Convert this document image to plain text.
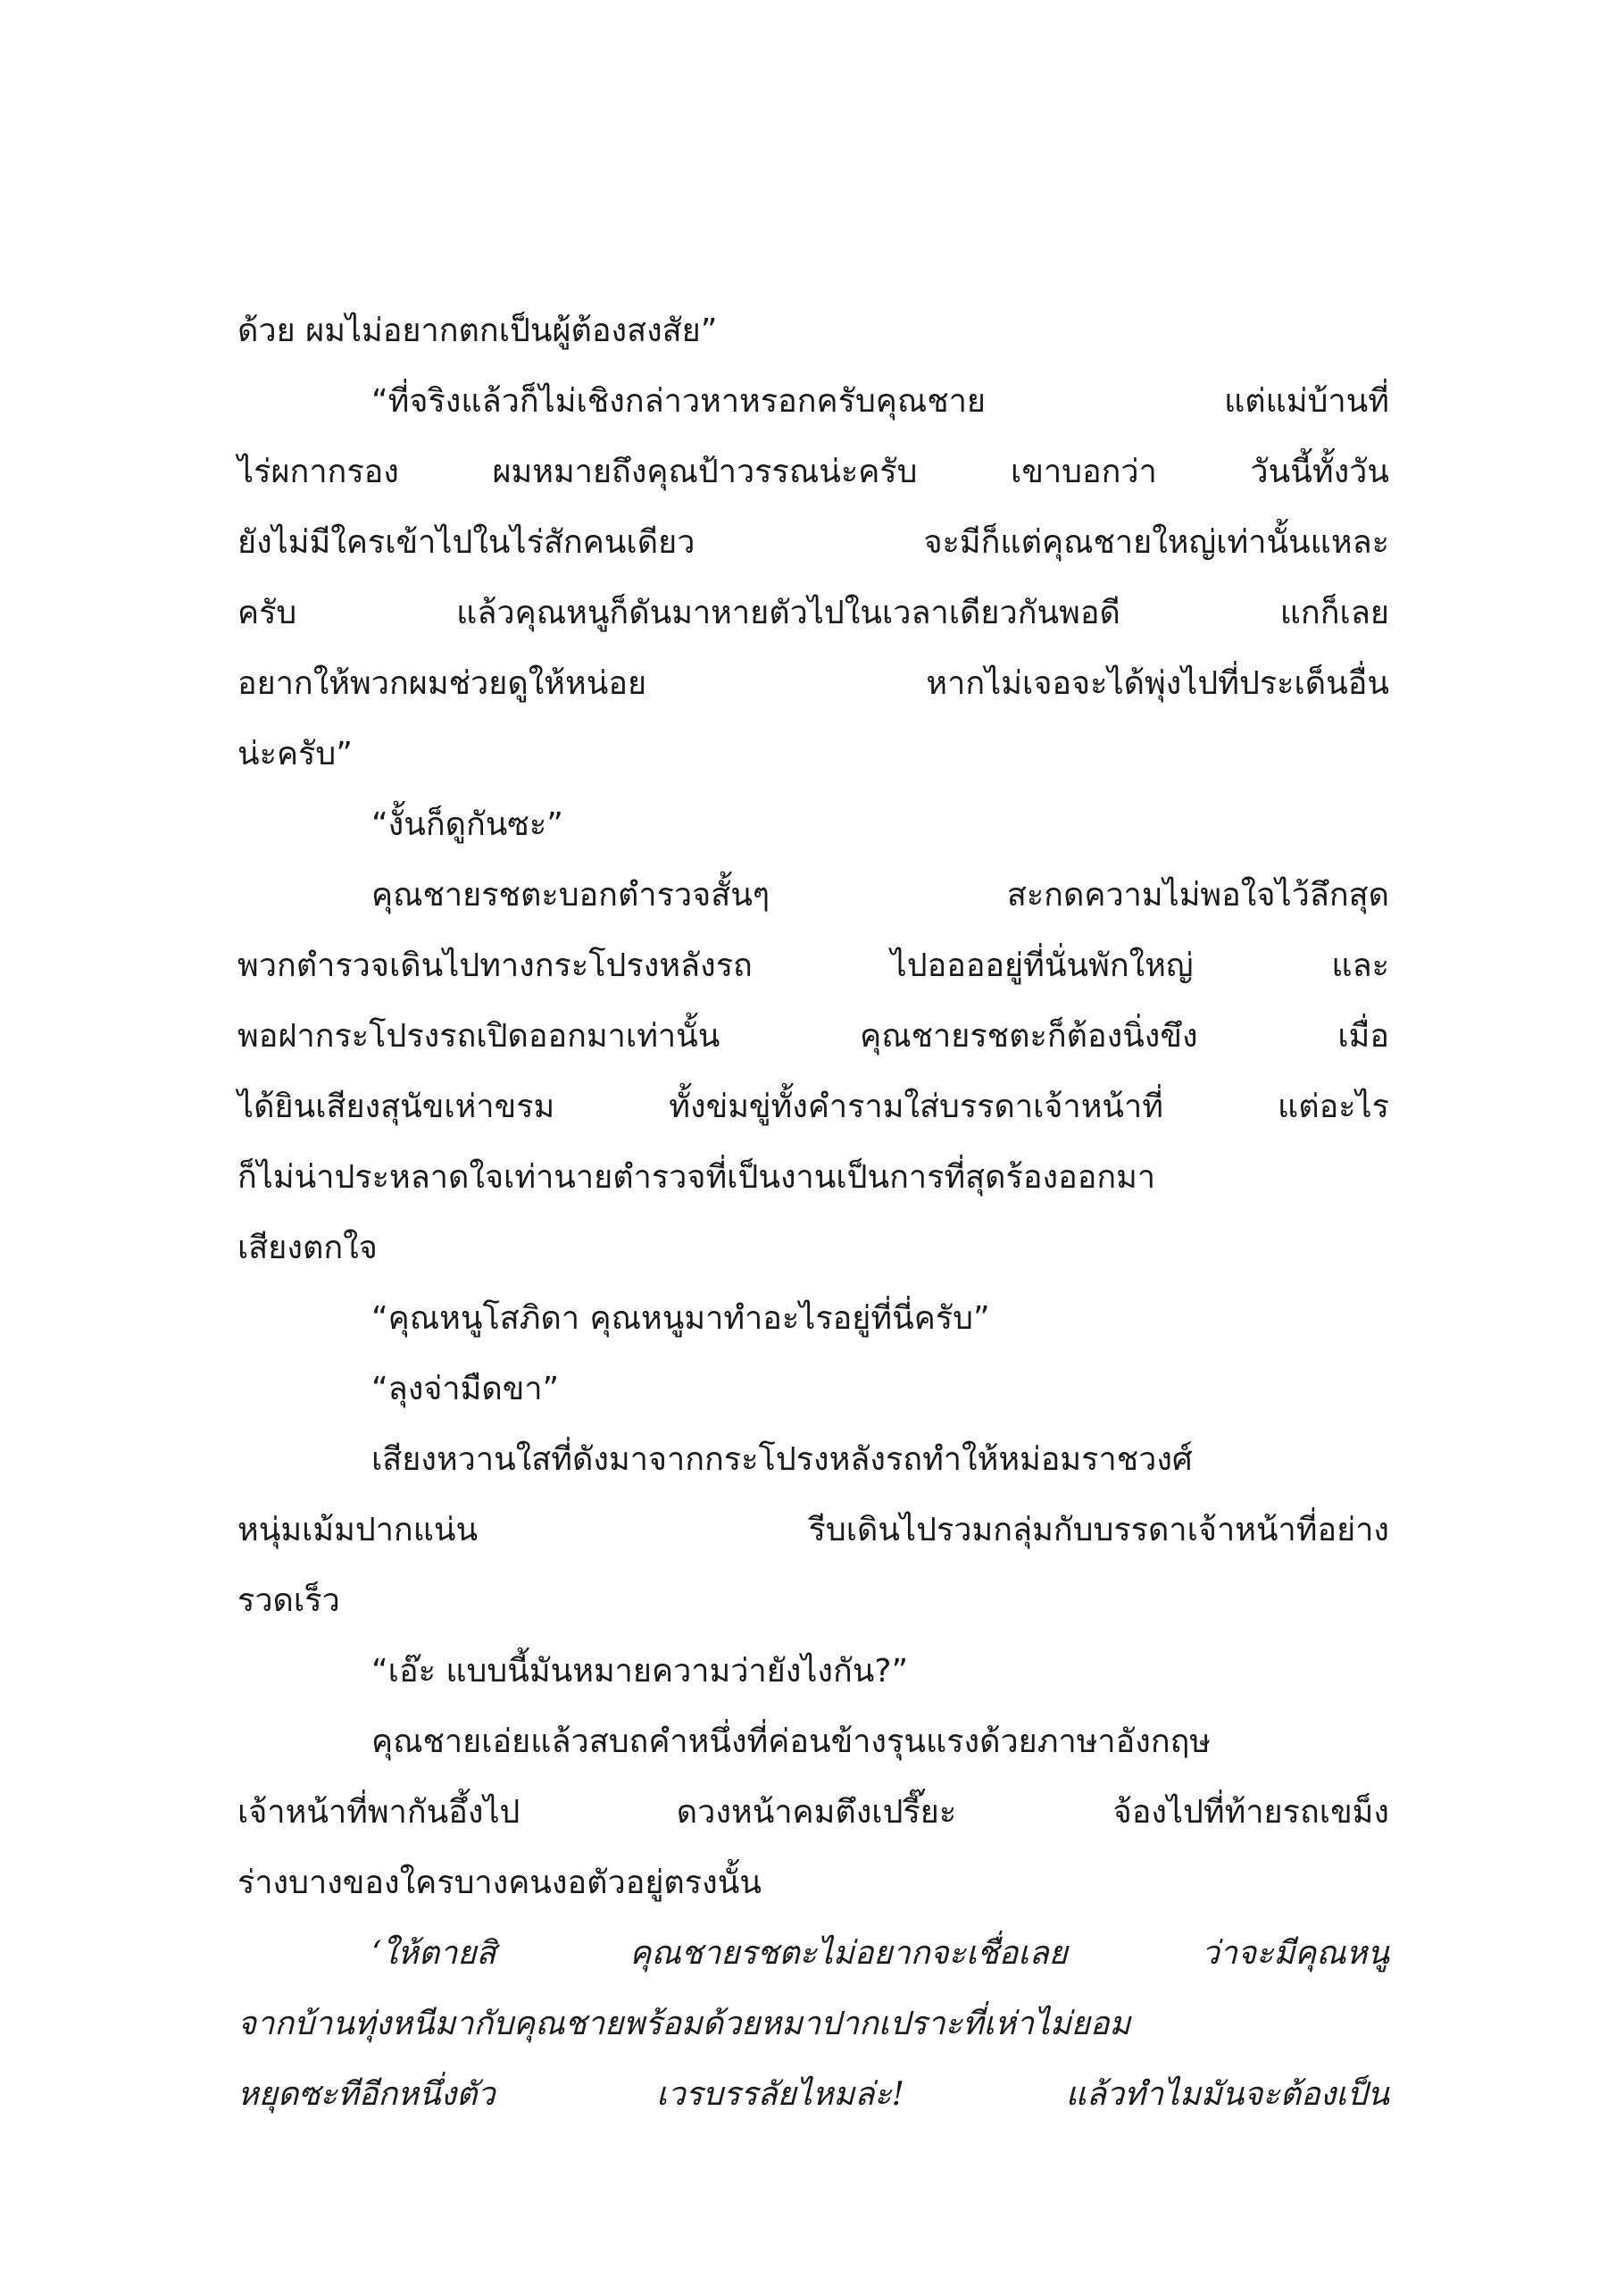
ด้วย ผมไม่อยากตกเป็นผู้ต้องสงสัย”
“ที่จริงแล้วก็ไม่เชิงกล่าวหาหรอกครับคุณชาย แต่แม่บ้านที่
ไร่ผกากรอง ผมหมายถึงคุณป้าวรรณน่ะครับ เขาบอกว่า วันนี้ทั้งวัน
ยังไม่มีใครเข้าไปในไร่สักคนเดียว จะมีก็แต่คุณชายใหญ่เท่านั้นแหละ
ครับ แล้วคุณหนูก็ดันมาหายตัวไปในเวลาเดียวกันพอดี แกก็เลย
อยากให้พวกผมช่วยดูให้หน่อย หากไม่เจอจะได้พุ่งไปที่ประเด็นอื่น
น่ะครับ”
“งั้นก็ดูกันซะ”
คุณชายรชตะบอกตำรวจสั้นๆ สะกดความไม่พอใจไว้ลึกสุด
พวกตำรวจเดินไปทางกระโปรงหลังรถ ไปออออยู่ที่นั่นพักใหญ่ และ
พอฝากระโปรงรถเปิดออกมาเท่านั้น คุณชายรชตะก็ต้องนิ่งขึง เมื่อ
ได้ยินเสียงสุนัขเห่าขรม ทั้งข่มขู่ทั้งคำรามใส่บรรดาเจ้าหน้าที่ แต่อะไร
ก็ไม่น่าประหลาดใจเท่านายตำรวจที่เป็นงานเป็นการที่สุดร้องออกมา
เสียงตกใจ
“คุณหนูโสภิดา คุณหนูมาทำอะไรอยู่ที่นี่ครับ”
“ลุงจ่ามืดขา”
เสียงหวานใสที่ดังมาจากกระโปรงหลังรถทำให้หม่อมราชวงศ์
หนุ่มเม้มปากแน่น รีบเดินไปรวมกลุ่มกับบรรดาเจ้าหน้าที่อย่าง
รวดเร็ว
“เอ๊ะ แบบนี้มันหมายความว่ายังไงกัน?”
คุณชายเอ่ยแล้วสบถคำหนึ่งที่ค่อนข้างรุนแรงด้วยภาษาอังกฤษ
เจ้าหน้าที่พากันอึ้งไป ดวงหน้าคมตึงเปรี๊ยะ จ้องไปที่ท้ายรถเขม็ง
ร่างบางของใครบางคนงอตัวอยู่ตรงนั้น
‘ให้ตายสิ คุณชายรชตะไม่อยากจะเชื่อเลย ว่าจะมีคุณหนู
จากบ้านทุ่งหนีมากับคุณชายพร้อมด้วยหมาปากเปราะที่เห่าไม่ยอม
หยุดซะทีอีกหนึ่งตัว เวรบรรลัยไหมล่ะ! แล้วทำไมมันจะต้องเป็น
